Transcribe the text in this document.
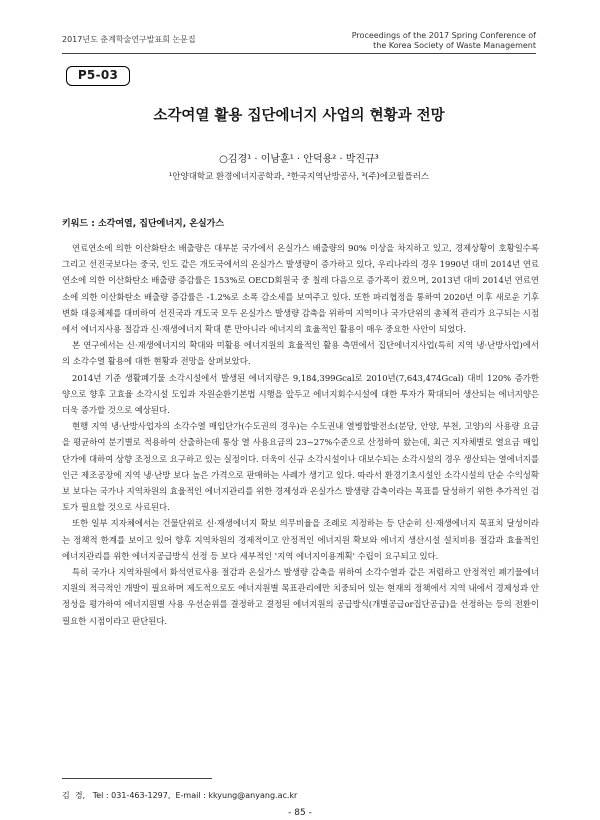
2017년도 춘계학술연구발표회 논문집	Proceedings of the 2017 Spring Conference of
the Korea Society of Waste Management
P5-03
소각여열 활용 집단에너지 사업의 현황과 전망
○김경¹ · 이남훈¹ · 안덕용² · 박진규³
¹안양대학교 환경에너지공학과, ²한국지역난방공사, ³(주)에코윌플러스
키워드 : 소각여열, 집단에너지, 온실가스

연료연소에 의한 이산화탄소 배출량은 대부분 국가에서 온실가스 배출량의 90% 이상을 차지하고 있고, 경제상황이 호황일수록 그리고 선진국보다는 중국, 인도 같은 개도국에서의 온실가스 발생량이 증가하고 있다, 우리나라의 경우 1990년 대비 2014년 연료연소에 의한 이산화탄소 배출량 증감률은 153%로 OECD회원국 중 칠레 다음으로 증가폭이 컸으며, 2013년 대비 2014년 연료연소에 의한 이산화탄소 배출량 증감률은 -1.2%로 소폭 감소세를 보여주고 있다. 또한 파리협정을 통하여 2020년 이후 새로운 기후변화 대응체제를 대비하여 선진국과 개도국 모두 온실가스 발생량 감축을 위하여 지역이나 국가단위의 총체적 관리가 요구되는 시점에서 에너지사용 절감과 신·재생에너지 확대 뿐 만아니라 에너지의 효율적인 활용이 매우 중요한 사안이 되었다.

본 연구에서는 신·재생에너지의 확대와 미활용 에너지원의 효율적인 활용 측면에서 집단에너지사업(특히 지역 냉·난방사업)에서의 소각수열 활용에 대한 현황과 전망을 살펴보았다.

2014년 기준 생활폐기물 소각시설에서 발생된 에너지량은 9,184,399Gcal로 2010년(7,643,474Gcal) 대비 120% 증가한 양으로 향후 고효율 소각시설 도입과 자원순환기본법 시행을 앞두고 에너지회수시설에 대한 투자가 확대되어 생산되는 에너지양은 더욱 증가할 것으로 예상된다.

현행 지역 냉·난방사업자의 소각수열 매입단가(수도권의 경우)는 수도권내 열병합발전소(분당, 안양, 부천, 고양)의 사용량 요금을 평균하여 분기별로 적용하여 산출하는데 통상 열 사용요금의 23~27%수준으로 산정하여 왔는데, 최근 지자체별로 열요금 매입단가에 대하여 상향 조정으로 요구하고 있는 실정이다. 더욱이 신규 소각시설이나 대보수되는 소각시설의 경우 생산되는 열에너지를 인근 제조공장에 지역 냉·난방 보다 높은 가격으로 판매하는 사례가 생기고 있다. 따라서 환경기초시설인 소각시설의 단순 수익성확보 보다는 국가나 지역차원의 효율적인 에너지관리를 위한 경제성과 온실가스 발생량 감축이라는 목표를 달성하기 위한 추가적인 검토가 필요할 것으로 사료된다.

또한 일부 지자체에서는 건물단위로 신·재생에너지 확보 의무비율을 조례로 지정하는 등 단순히 신·재생에너지 목표치 달성이라는 정책적 한계를 보이고 있어 향후 지역차원의 경제적이고 안정적인 에너지원 확보와 에너지 생산시설 설치비용 절감과 효율적인 에너지관리를 위한 에너지공급방식 선정 등 보다 세부적인 '지역 에너지이용계획' 수립이 요구되고 있다.

특히 국가나 지역차원에서 화석연료사용 절감과 온실가스 발생량 감축을 위하여 소각수열과 같은 저렴하고 안정적인 폐기물에너지원의 적극적인 개발이 필요하며 제도적으로도 에너지원별 목표관리에만 치중되어 있는 현재의 정책에서 지역 내에서 경제성과 안정성을 평가하여 에너지원별 사용 우선순위를 결정하고 결정된 에너지원의 공급방식(개별공급or집단공급)을 선정하는 등의 전환이 필요한 시점이라고 판단된다.

김  경,   Tel : 031-463-1297,  E-mail : kkyung@anyang.ac.kr
- 85 -
